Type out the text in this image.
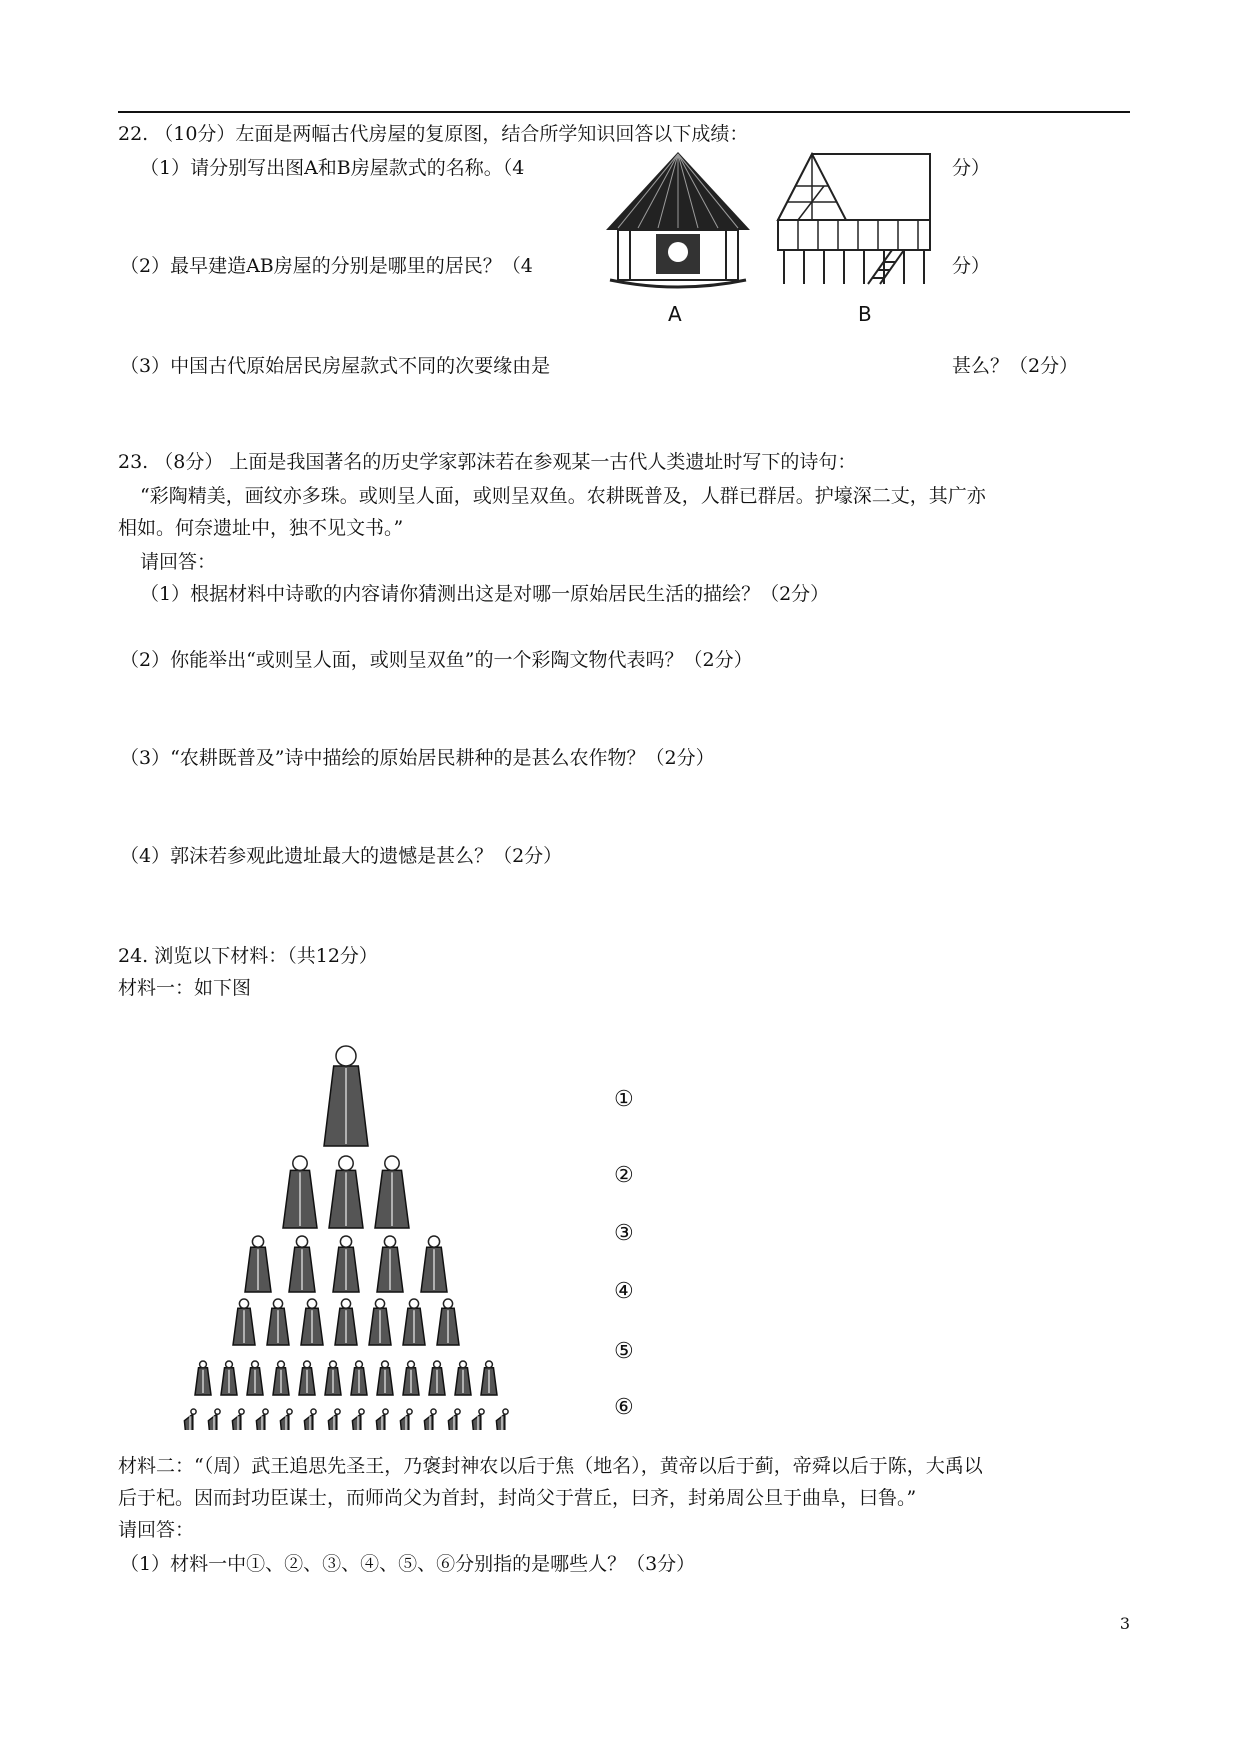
22. （10分）左面是两幅古代房屋的复原图，结合所学知识回答以下成绩：
（1）请分别写出图A和B房屋款式的名称。（4	分）
（2）最早建造AB房屋的分别是哪里的居民？（4	分）
（3）中国古代原始居民房屋款式不同的次要缘由是	甚么？（2分）
A	B
23. （8分） 上面是我国著名的历史学家郭沫若在参观某一古代人类遗址时写下的诗句：
“彩陶精美，画纹亦多珠。或则呈人面，或则呈双鱼。农耕既普及，人群已群居。护壕深二丈，其广亦
相如。何奈遗址中，独不见文书。”
请回答：
（1）根据材料中诗歌的内容请你猜测出这是对哪一原始居民生活的描绘？（2分）
（2）你能举出“或则呈人面，或则呈双鱼”的一个彩陶文物代表吗？（2分）
（3）“农耕既普及”诗中描绘的原始居民耕种的是甚么农作物？（2分）
（4）郭沫若参观此遗址最大的遗憾是甚么？（2分）
24. 浏览以下材料：（共12分）
材料一：如下图
①
②
③
④
⑤
⑥
材料二：“（周）武王追思先圣王，乃褒封神农以后于焦（地名），黄帝以后于蓟，帝舜以后于陈，大禹以
后于杞。因而封功臣谋士，而师尚父为首封，封尚父于营丘，曰齐，封弟周公旦于曲阜，曰鲁。”
请回答：
（1）材料一中①、②、③、④、⑤、⑥分别指的是哪些人？（3分）
3
